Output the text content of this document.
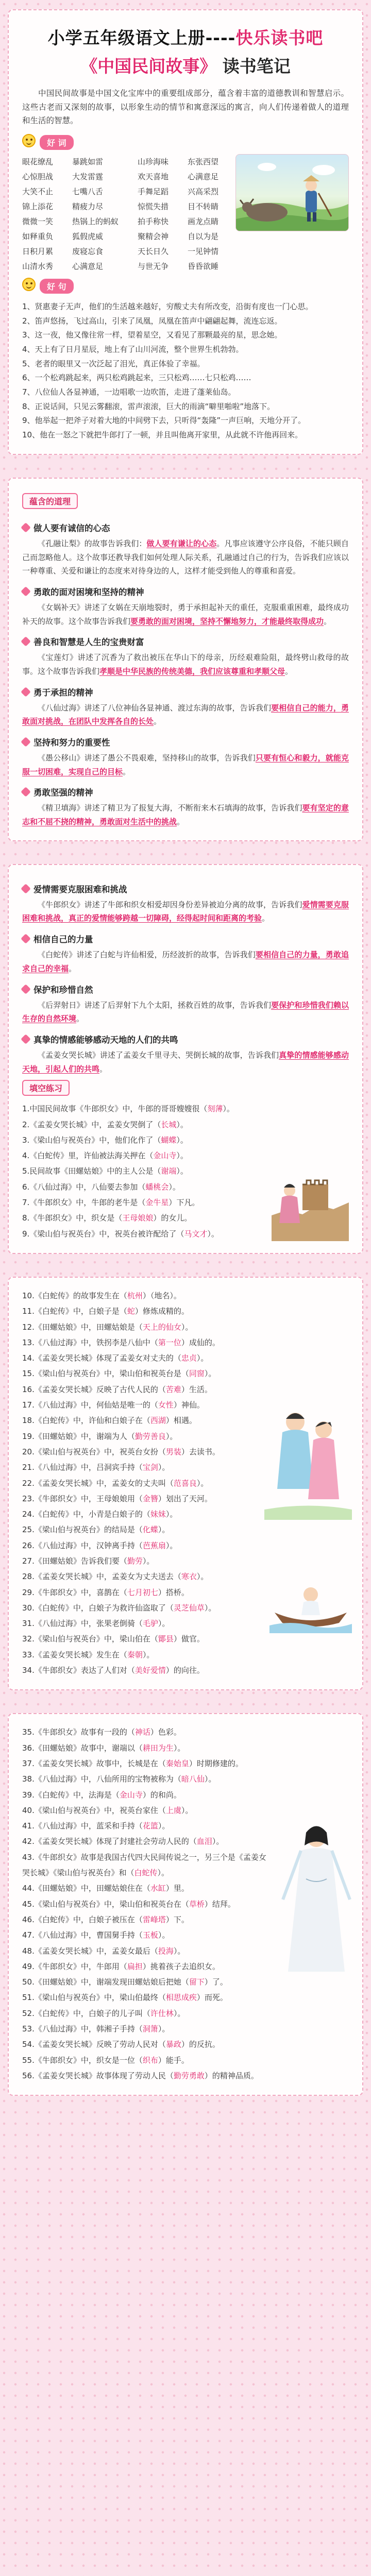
小学五年级语文上册----快乐读书吧
《中国民间故事》 读书笔记

中国民间故事是中国文化宝库中的重要组成部分，蕴含着丰富的道德教训和智慧启示。这些古老而又深刻的故事，以形象生动的情节和寓意深远的寓言，向人们传递着做人的道理和生活的智慧。

好 词
眼花缭乱	暴跳如雷	山珍海味	东张西望
心惊胆战	大发雷霆	欢天喜地	心满意足
大笑不止	七嘴八舌	手舞足蹈	兴高采烈
锦上添花	精疲力尽	惊慌失措	目不转睛
微微一笑	热锅上的蚂蚁	拍手称快	画龙点睛
如释重负	狐假虎威	聚精会神	自以为是
日积月累	废寝忘食	天长日久	一见钟情
山清水秀	心满意足	与世无争	昏昏欲睡
好 句

1、贤惠妻子无声，他们的生活越来越好，穷酸丈夫有所改变，沿街有度也一门心思。

2、笛声悠扬，飞过高山，引来了凤凰，凤凰在笛声中翩翩起舞，流连忘返。

3、这一夜，他又像往常一样，望着星空，又看见了那颗最亮的星，思念她。

4、天上有了日月星辰，地上有了山川河流，整个世界生机勃勃。

5、老者的眼里又一次泛起了泪光，真正体验了幸福。

6、一个松鸡跳起来，两只松鸡跳起来，三只松鸡……七只松鸡……

7、八位仙人各显神通，一边唱歌一边吹笛，走进了蓬莱仙岛。

8、正说话间，只见云雾翻滚，雷声滚滚，巨大的雨滴“噼里啪啦”地落下。

9、他举起一把斧子对着大地的中间劈下去，只听得“轰隆”一声巨响，天地分开了。

10、他在一怒之下就把牛郎打了一顿，并且叫他离开家里，从此就不许他再回来。

蕴含的道理
做人要有诚信的心态

《孔融让梨》的故事告诉我们：做人要有谦让的心态。凡事应该遵守公序良俗，不能只顾自己而忽略他人。这个故事还教导我们如何处理人际关系，孔融通过自己的行为，告诉我们应该以一种尊重、关爱和谦让的态度来对待身边的人，这样才能受到他人的尊重和喜爱。

勇敢的面对困境和坚持的精神

《女娲补天》讲述了女娲在天崩地裂时，勇于承担起补天的重任，克服重重困难，最终成功补天的故事。这个故事告诉我们要勇敢的面对困境，坚持不懈地努力，才能最终取得成功。

善良和智慧是人生的宝贵财富

《宝莲灯》讲述了沉香为了救出被压在华山下的母亲，历经艰难险阻，最终劈山救母的故事。这个故事告诉我们孝顺是中华民族的传统美德，我们应该尊重和孝顺父母。

勇于承担的精神

《八仙过海》讲述了八位神仙各显神通、渡过东海的故事，告诉我们要相信自己的能力，勇敢面对挑战，在团队中发挥各自的长处。

坚持和努力的重要性

《愚公移山》讲述了愚公不畏艰难，坚持移山的故事，告诉我们只要有恒心和毅力，就能克服一切困难，实现自己的目标。

勇敢坚强的精神

《精卫填海》讲述了精卫为了报复大海，不断衔来木石填海的故事，告诉我们要有坚定的意志和不屈不挠的精神，勇敢面对生活中的挑战。

爱情需要克服困难和挑战

《牛郎织女》讲述了牛郎和织女相爱却因身份差异被迫分离的故事，告诉我们爱情需要克服困难和挑战，真正的爱情能够跨越一切障碍，经得起时间和距离的考验。

相信自己的力量

《白蛇传》讲述了白蛇与许仙相爱，历经波折的故事，告诉我们要相信自己的力量，勇敢追求自己的幸福。

保护和珍惜自然

《后羿射日》讲述了后羿射下九个太阳，拯救百姓的故事，告诉我们要保护和珍惜我们赖以生存的自然环境。

真挚的情感能够感动天地的人们的共鸣

《孟姜女哭长城》讲述了孟姜女千里寻夫、哭倒长城的故事，告诉我们真挚的情感能够感动天地，引起人们的共鸣。

填空练习
1.中国民间故事《牛郎织女》中，牛郎的哥哥嫂嫂很（刻薄）。
2.《孟姜女哭长城》中，孟姜女哭倒了（长城）。
3.《梁山伯与祝英台》中，他们化作了（蝴蝶）。
4.《白蛇传》里，许仙被法海关押在（金山寺）。
5.民间故事《田螺姑娘》中的主人公是（谢端）。
6.《八仙过海》中，八仙要去参加（蟠桃会）。
7.《牛郎织女》中，牛郎的老牛是（金牛星）下凡。
8.《牛郎织女》中，织女是（王母娘娘）的女儿。
9.《梁山伯与祝英台》中，祝英台被许配给了（马文才）。
10.《白蛇传》的故事发生在（杭州）（地名）。
11.《白蛇传》中，白娘子是（蛇）修炼成精的。
12.《田螺姑娘》中，田螺姑娘是（天上的仙女）。
13.《八仙过海》中，铁拐李是八仙中（第一位）成仙的。
14.《孟姜女哭长城》体现了孟姜女对丈夫的（忠贞）。
15.《梁山伯与祝英台》中，梁山伯和祝英台是（同窗）。
16.《孟姜女哭长城》反映了古代人民的（苦难）生活。
17.《八仙过海》中，何仙姑是唯一的（女性）神仙。
18.《白蛇传》中，许仙和白娘子在（西湖）相遇。
19.《田螺姑娘》中，谢端为人（勤劳善良）。
20.《梁山伯与祝英台》中，祝英台女扮（男装）去读书。
21.《八仙过海》中，吕洞宾手持（宝剑）。
22.《孟姜女哭长城》中，孟姜女的丈夫叫（范喜良）。
23.《牛郎织女》中，王母娘娘用（金簪）划出了天河。
24.《白蛇传》中，小青是白娘子的（妹妹）。
25.《梁山伯与祝英台》的结局是（化蝶）。
26.《八仙过海》中，汉钟离手持（芭蕉扇）。
27.《田螺姑娘》告诉我们要（勤劳）。
28.《孟姜女哭长城》中，孟姜女为丈夫送去（寒衣）。
29.《牛郎织女》中，喜鹊在（七月初七）搭桥。
30.《白蛇传》中，白娘子为救许仙盗取了（灵芝仙草）。
31.《八仙过海》中，张果老倒骑（毛驴）。
32.《梁山伯与祝英台》中，梁山伯在（鄮县）做官。
33.《孟姜女哭长城》发生在（秦朝）。
34.《牛郎织女》表达了人们对（美好爱情）的向往。
35.《牛郎织女》故事有一段的（神话）色彩。
36.《田螺姑娘》故事中，谢端以（耕田为生）。
37.《孟姜女哭长城》故事中，长城是在（秦始皇）时期修建的。
38.《八仙过海》中，八仙所用的宝物被称为（暗八仙）。
39.《白蛇传》中，法海是（金山寺）的和尚。
40.《梁山伯与祝英台》中，祝英台家住（上虞）。
41.《八仙过海》中，蓝采和手持（花篮）。
42.《孟姜女哭长城》体现了封建社会劳动人民的（血泪）。
43.《牛郎织女》故事是我国古代四大民间传说之一，另三个是《孟姜女哭长城》《梁山伯与祝英台》和（白蛇传）。
44.《田螺姑娘》中，田螺姑娘住在（水缸）里。
45.《梁山伯与祝英台》中，梁山伯和祝英台在（草桥）结拜。
46.《白蛇传》中，白娘子被压在（雷峰塔）下。
47.《八仙过海》中，曹国舅手持（玉板）。
48.《孟姜女哭长城》中，孟姜女最后（投海）。
49.《牛郎织女》中，牛郎用（扁担）挑着孩子去追织女。
50.《田螺姑娘》中，谢端发现田螺姑娘后把她（留下）了。
51.《梁山伯与祝英台》中，梁山伯最终（相思成疾）而死。
52.《白蛇传》中，白娘子的儿子叫（许仕林）。
53.《八仙过海》中，韩湘子手持（洞箫）。
54.《孟姜女哭长城》反映了劳动人民对（暴政）的反抗。
55.《牛郎织女》中，织女是一位（织布）能手。
56.《孟姜女哭长城》故事体现了劳动人民（勤劳勇敢）的精神品质。
